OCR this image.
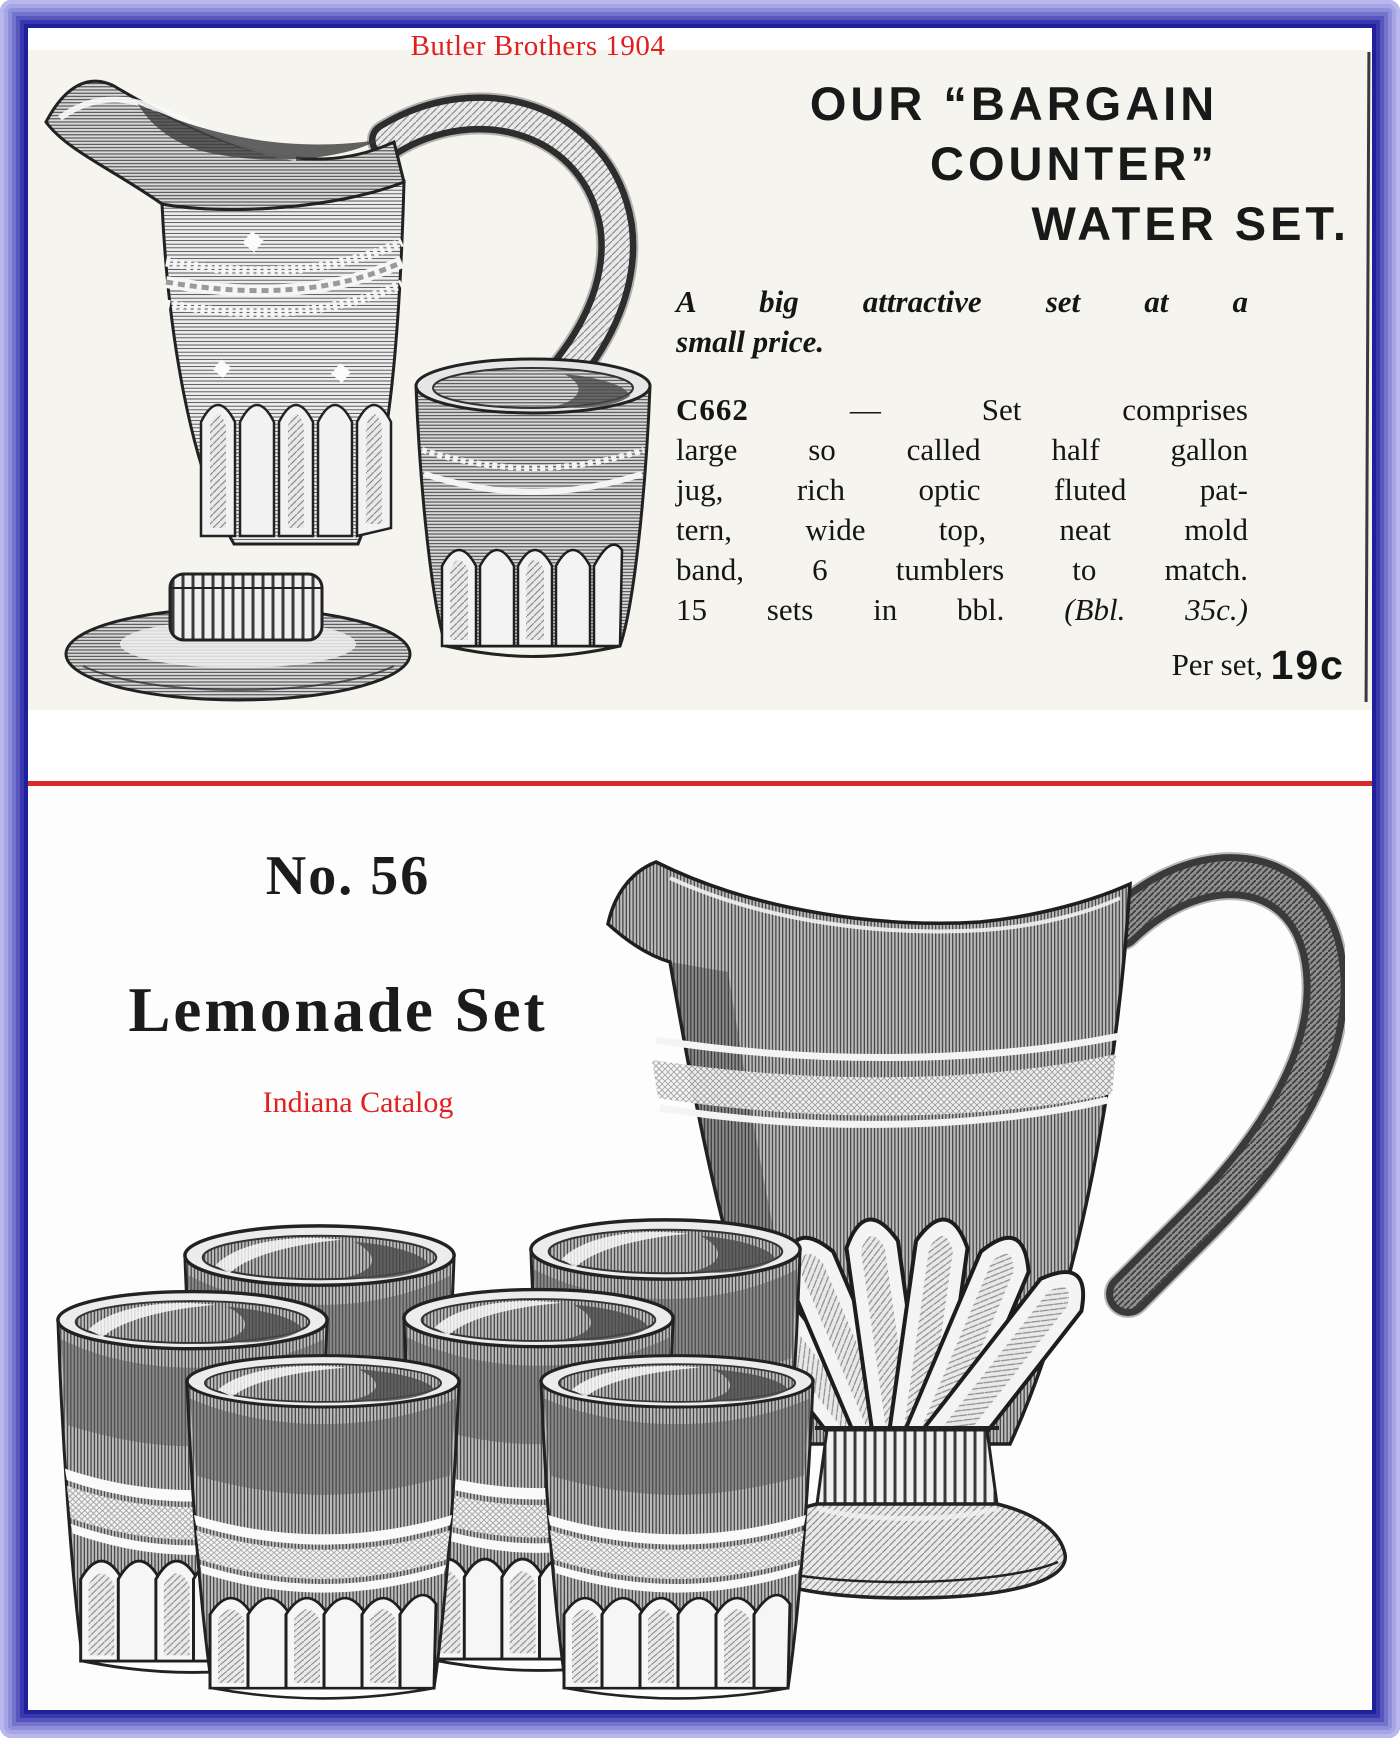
Butler Brothers 1904
OUR “BARGAIN
COUNTER”
WATER SET.
A big attractive set at a
small price.
C662	— Set comprises
large so called half gallon
jug, rich optic fluted pat-
tern, wide top, neat mold
band, 6 tumblers to match.
15 sets in bbl. (Bbl. 35c.)
Per set, 19c
No. 56
Lemonade Set
Indiana Catalog
